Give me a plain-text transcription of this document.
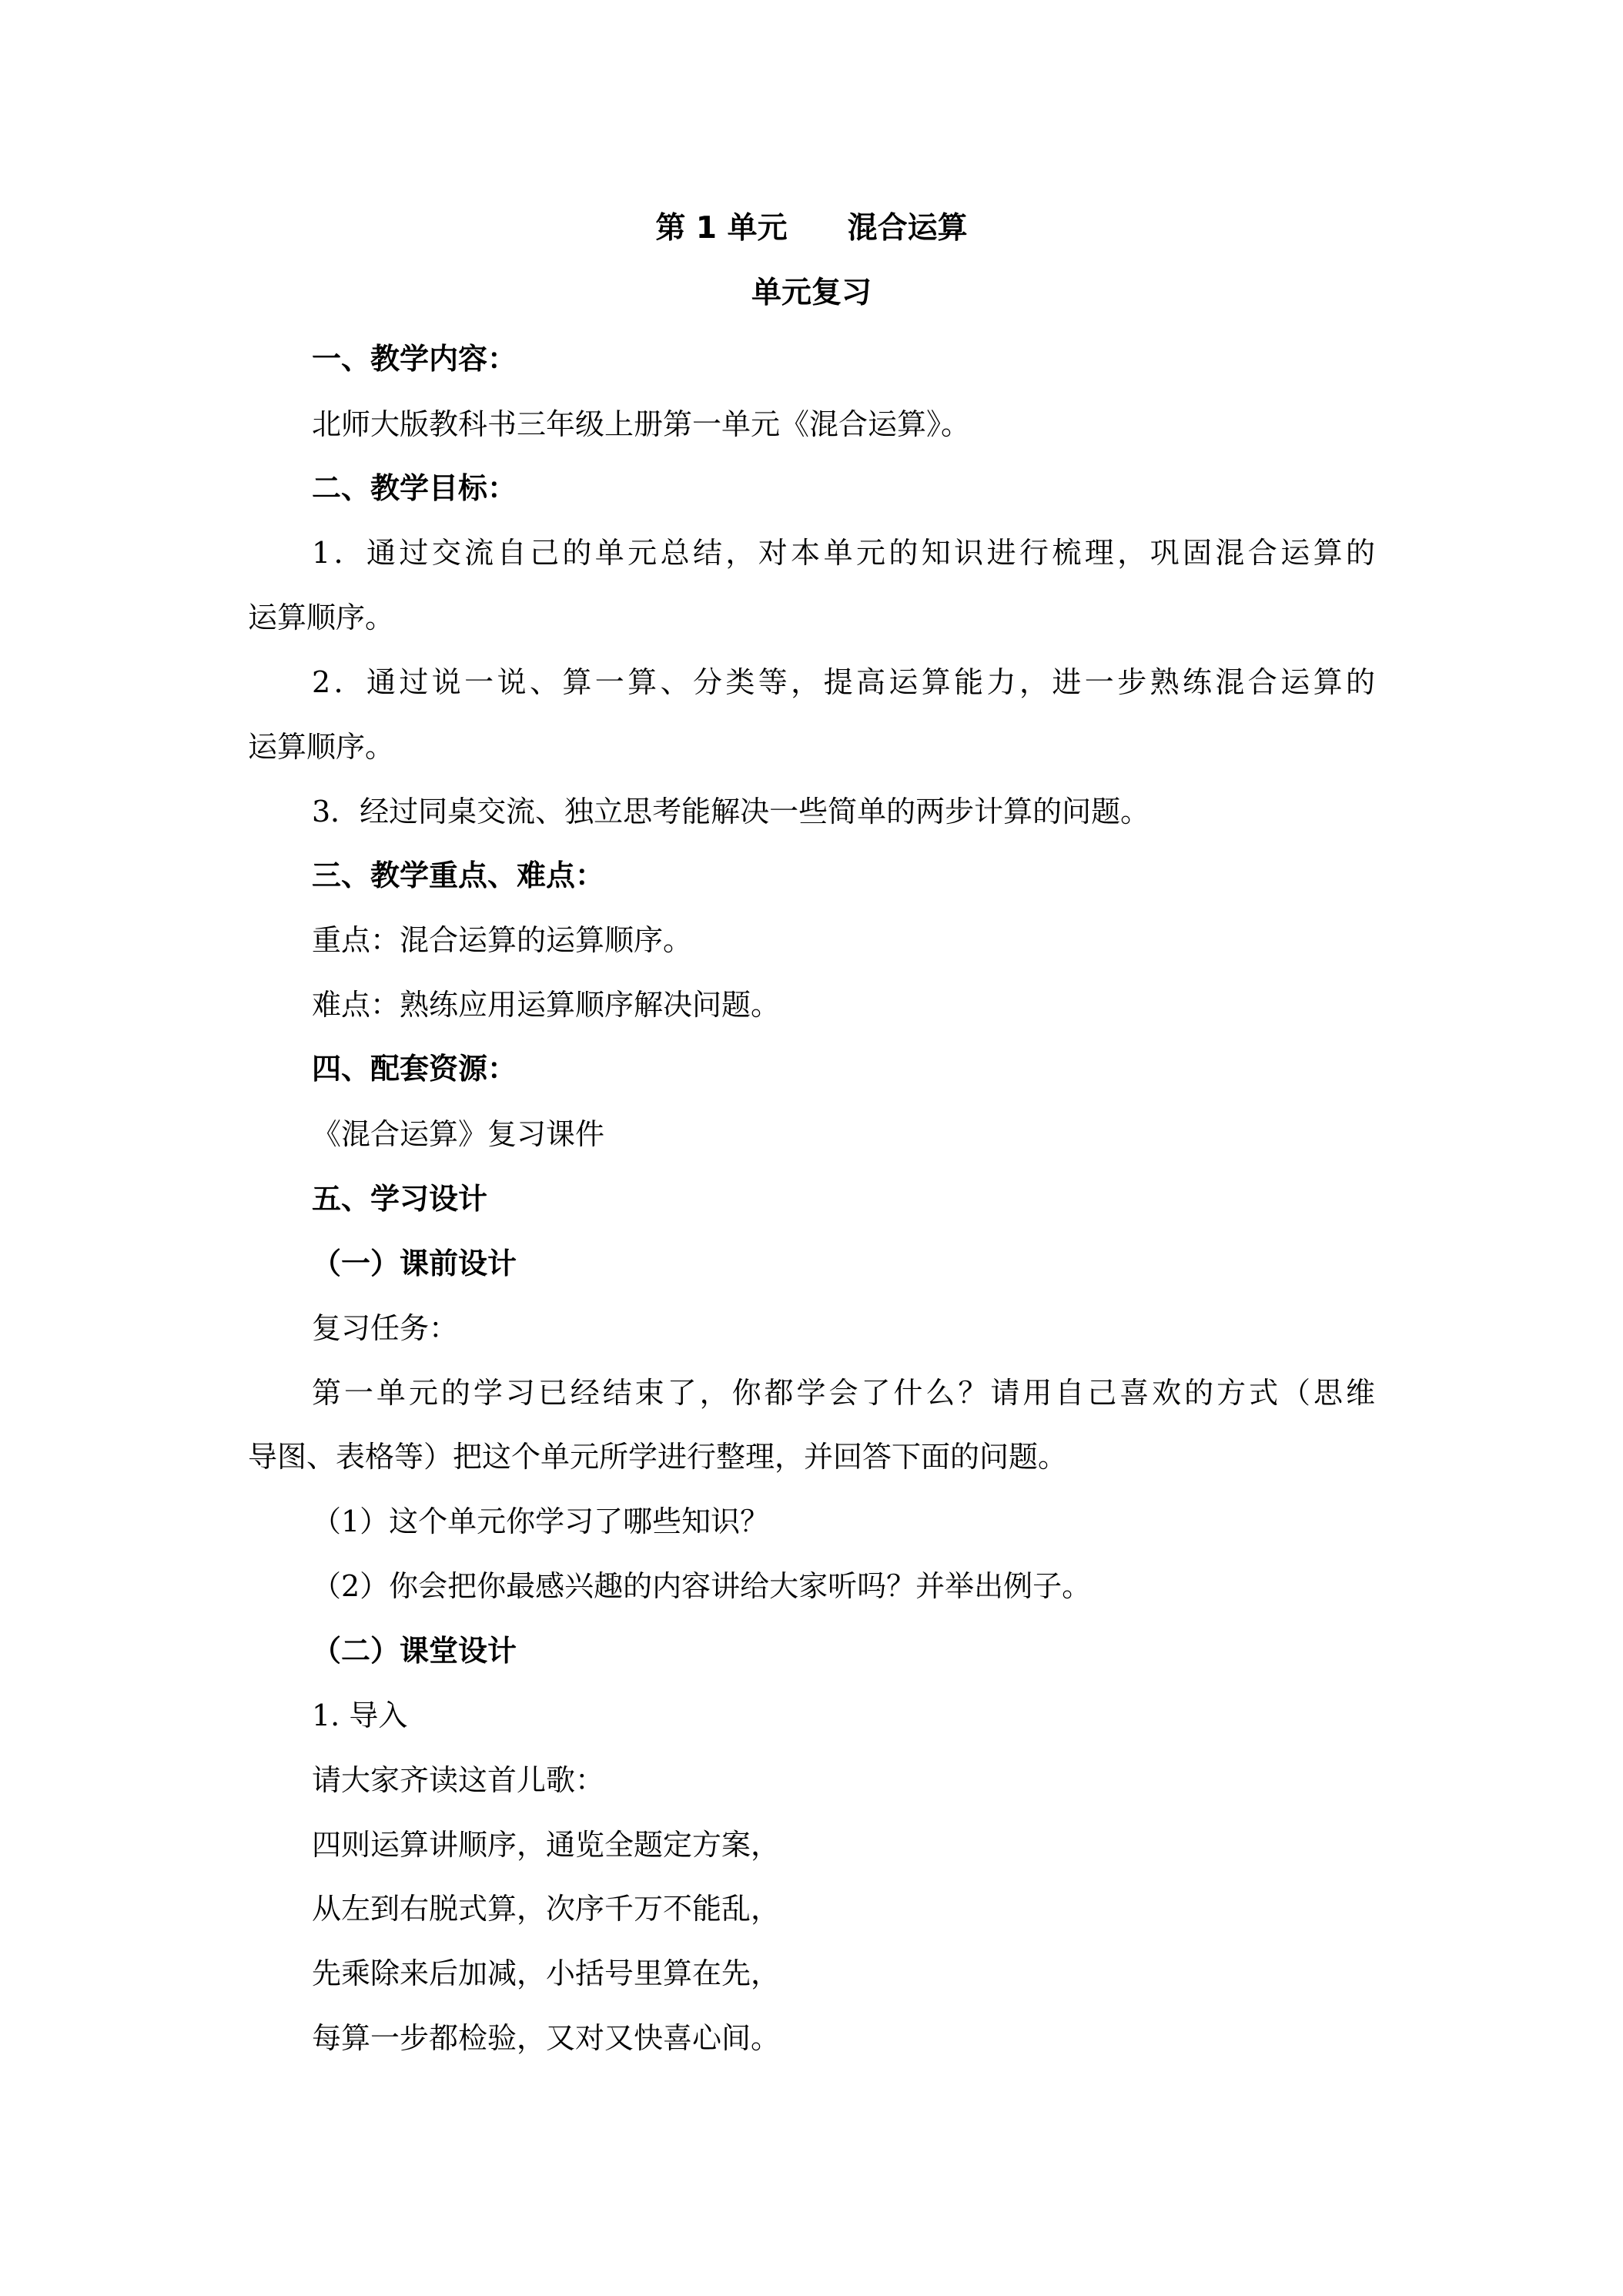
第 1 单元　　混合运算
单元复习
一、教学内容：
北师大版教科书三年级上册第一单元《混合运算》。
二、教学目标：
1．通过交流自己的单元总结，对本单元的知识进行梳理，巩固混合运算的
运算顺序。
2．通过说一说、算一算、分类等，提高运算能力，进一步熟练混合运算的
运算顺序。
3．经过同桌交流、独立思考能解决一些简单的两步计算的问题。
三、教学重点、难点：
重点：混合运算的运算顺序。
难点：熟练应用运算顺序解决问题。
四、配套资源：
《混合运算》复习课件
五、学习设计
（一）课前设计
复习任务：
第一单元的学习已经结束了，你都学会了什么？请用自己喜欢的方式（思维
导图、表格等）把这个单元所学进行整理，并回答下面的问题。
（1）这个单元你学习了哪些知识？
（2）你会把你最感兴趣的内容讲给大家听吗？并举出例子。
（二）课堂设计
1. 导入
请大家齐读这首儿歌：
四则运算讲顺序，通览全题定方案，
从左到右脱式算，次序千万不能乱，
先乘除来后加减，小括号里算在先，
每算一步都检验，又对又快喜心间。
